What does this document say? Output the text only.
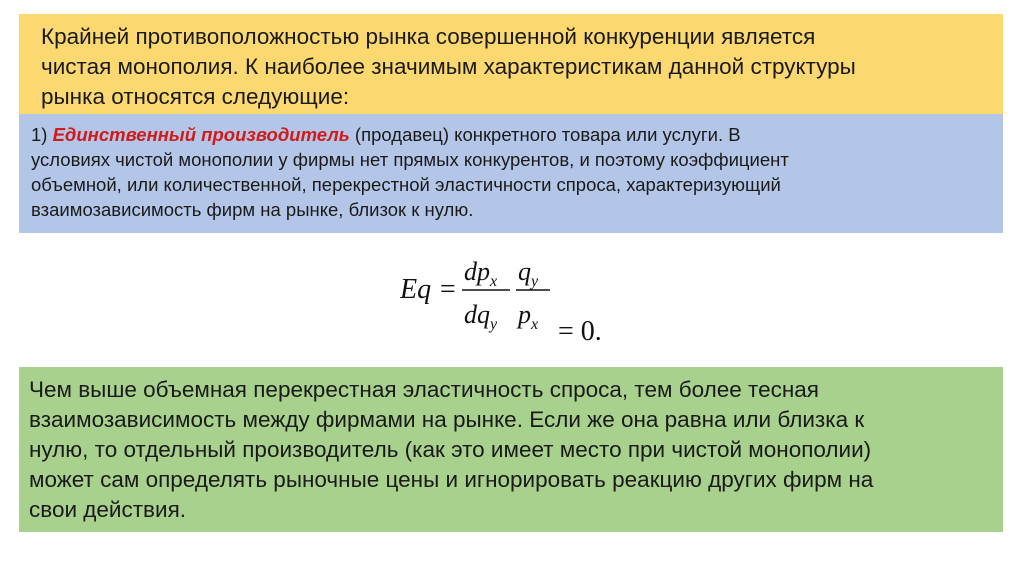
Крайней противоположностью рынка совершенной конкуренции является
чистая монополия. К наиболее значимым характеристикам данной структуры
рынка относятся следующие:
1) Единственный производитель (продавец) конкретного товара или услуги. В
условиях чистой монополии у фирмы нет прямых конкурентов, и поэтому коэффициент
объемной, или количественной, перекрестной эластичности спроса, характеризующий
взаимозависимость фирм на рынке, близок к нулю.
Eq =
$dp_x$
$dq_y$
$q_y$
$p_x = 0$.
Чем выше объемная перекрестная эластичность спроса, тем более тесная
взаимозависимость между фирмами на рынке. Если же она равна или близка к
нулю, то отдельный производитель (как это имеет место при чистой монополии)
может сам определять рыночные цены и игнорировать реакцию других фирм на
свои действия.
